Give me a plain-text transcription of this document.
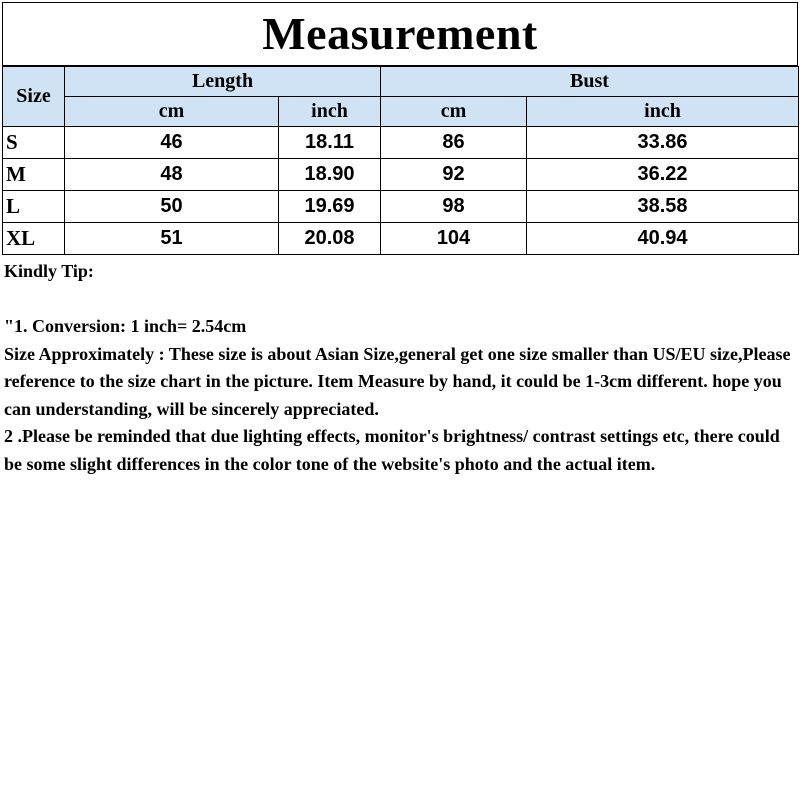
Measurement
Size	Length		Bust	
	cm	inch	cm	inch
S	46	18.11	86	33.86
M	48	18.90	92	36.22
L	50	19.69	98	38.58
XL	51	20.08	104	40.94

Kindly Tip:

"1. Conversion: 1 inch= 2.54cm

Size Approximately : These size is about Asian Size,general get one size smaller than US/EU size,Please reference to the size chart in the picture. Item Measure by hand, it could be 1-3cm different. hope you can understanding, will be sincerely appreciated.

2 .Please be reminded that due lighting effects, monitor's brightness/ contrast settings etc, there could be some slight differences in the color tone of the website's photo and the actual item.
